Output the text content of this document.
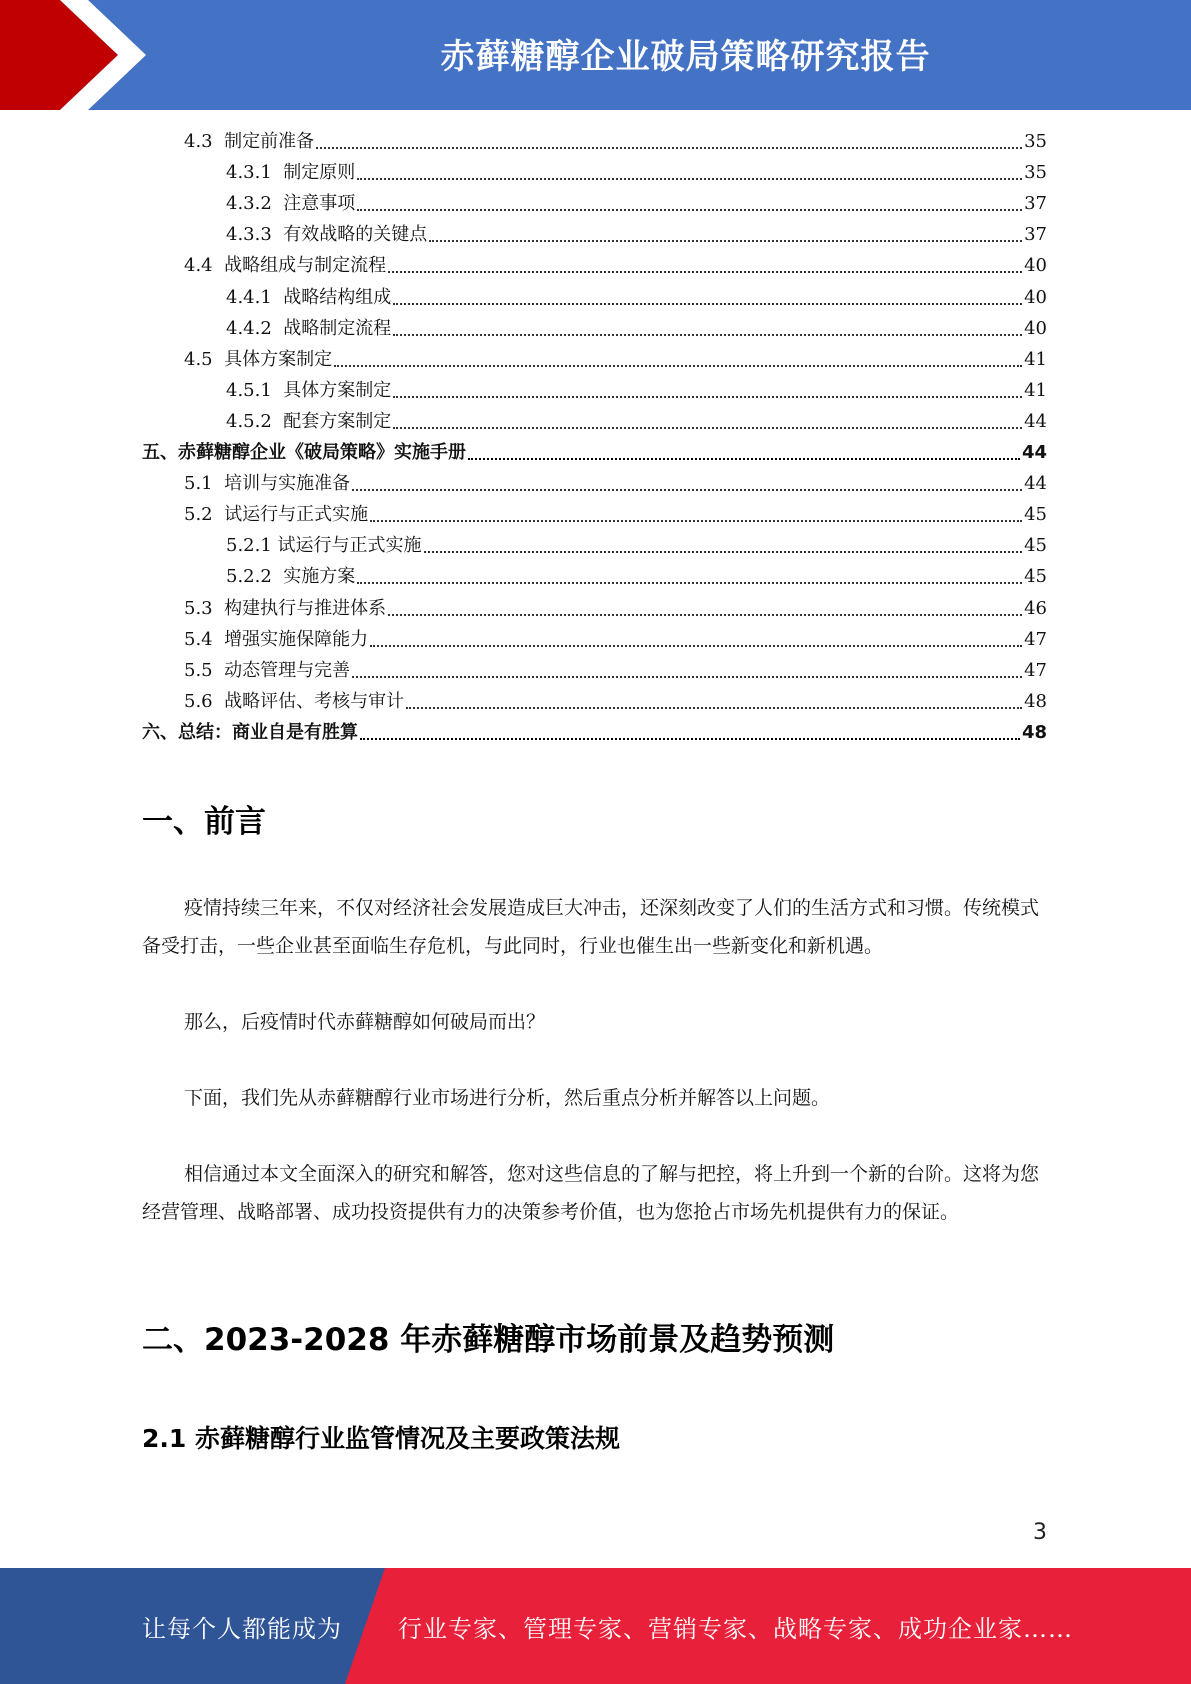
赤藓糖醇企业破局策略研究报告
4.3 制定前准备	35
4.3.1 制定原则	35
4.3.2 注意事项	37
4.3.3 有效战略的关键点	37
4.4 战略组成与制定流程	40
4.4.1 战略结构组成	40
4.4.2 战略制定流程	40
4.5 具体方案制定	41
4.5.1 具体方案制定	41
4.5.2 配套方案制定	44
五、赤藓糖醇企业《破局策略》实施手册	44
5.1 培训与实施准备	44
5.2 试运行与正式实施	45
5.2.1 试运行与正式实施	45
5.2.2 实施方案	45
5.3 构建执行与推进体系	46
5.4 增强实施保障能力	47
5.5 动态管理与完善	47
5.6 战略评估、考核与审计	48
六、总结：商业自是有胜算	48
一、前言
疫情持续三年来，不仅对经济社会发展造成巨大冲击，还深刻改变了人们的生活方式和习惯。传统模式备受打击，一些企业甚至面临生存危机，与此同时，行业也催生出一些新变化和新机遇。
那么，后疫情时代赤藓糖醇如何破局而出？
下面，我们先从赤藓糖醇行业市场进行分析，然后重点分析并解答以上问题。
相信通过本文全面深入的研究和解答，您对这些信息的了解与把控，将上升到一个新的台阶。这将为您经营管理、战略部署、成功投资提供有力的决策参考价值，也为您抢占市场先机提供有力的保证。
二、2023-2028 年赤藓糖醇市场前景及趋势预测
2.1 赤藓糖醇行业监管情况及主要政策法规
3
让每个人都能成为 行业专家、管理专家、营销专家、战略专家、成功企业家……
